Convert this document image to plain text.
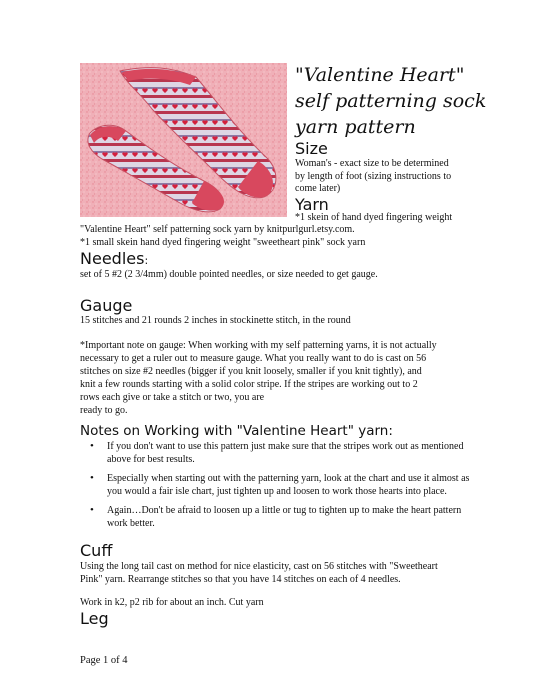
"Valentine Heart"
self patterning sock
yarn pattern
Size
Woman's - exact size to be determined
by length of foot (sizing instructions to
come later)
Yarn
*1 skein of hand dyed fingering weight
"Valentine Heart" self patterning sock yarn by knitpurlgurl.etsy.com.
*1 small skein hand dyed fingering weight "sweetheart pink" sock yarn
Needles:
set of 5 #2 (2 3/4mm) double pointed needles, or size needed to get gauge.
Gauge
15 stitches and 21 rounds 2 inches in stockinette stitch, in the round
*Important note on gauge: When working with my self patterning yarns, it is not actually
necessary to get a ruler out to measure gauge. What you really want to do is cast on 56
stitches on size #2 needles (bigger if you knit loosely, smaller if you knit tightly), and
knit a few rounds starting with a solid color stripe. If the stripes are working out to 2
rows each give or take a stitch or two, you are
ready to go.
Notes on Working with "Valentine Heart" yarn:
• If you don't want to use this pattern just make sure that the stripes work out as mentioned above for best results.
• Especially when starting out with the patterning yarn, look at the chart and use it almost as you would a fair isle chart, just tighten up and loosen to work those hearts into place.
• Again…Don't be afraid to loosen up a little or tug to tighten up to make the heart pattern work better.
Cuff
Using the long tail cast on method for nice elasticity, cast on 56 stitches with "Sweetheart
Pink" yarn. Rearrange stitches so that you have 14 stitches on each of 4 needles.
Work in k2, p2 rib for about an inch. Cut yarn
Leg
Page 1 of 4
